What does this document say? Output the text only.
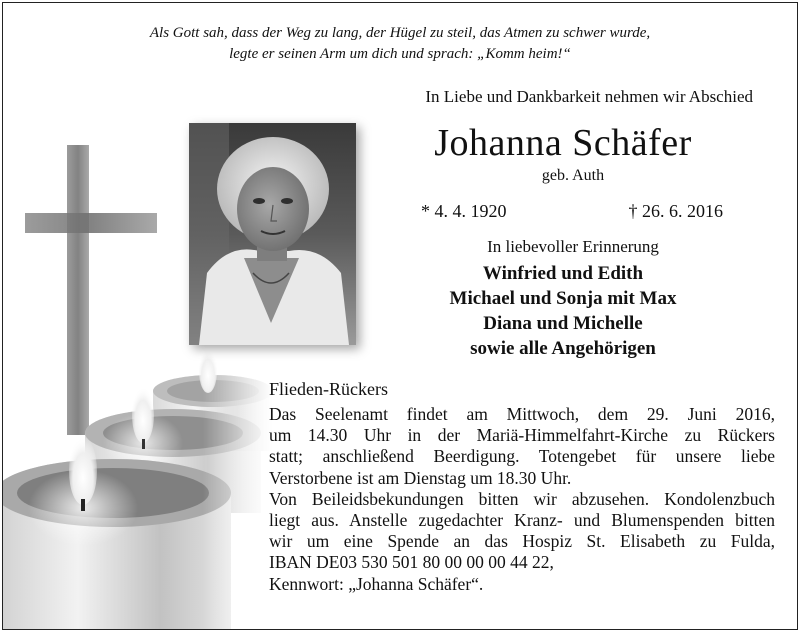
Als Gott sah, dass der Weg zu lang, der Hügel zu steil, das Atmen zu schwer wurde,
legte er seinen Arm um dich und sprach: „Komm heim!“
In Liebe und Dankbarkeit nehmen wir Abschied
Johanna Schäfer
geb. Auth
* 4. 4. 1920	† 26. 6. 2016
In liebevoller Erinnerung
Winfried und Edith
Michael und Sonja mit Max
Diana und Michelle
sowie alle Angehörigen
Flieden-Rückers
Das Seelenamt findet am Mittwoch, dem 29. Juni 2016,
um 14.30 Uhr in der Mariä-Himmelfahrt-Kirche zu Rückers
statt; anschließend Beerdigung. Totengebet für unsere liebe
Verstorbene ist am Dienstag um 18.30 Uhr.
Von Beileidsbekundungen bitten wir abzusehen. Kondolenzbuch
liegt aus. Anstelle zugedachter Kranz- und Blumenspenden bitten
wir um eine Spende an das Hospiz St. Elisabeth zu Fulda,
IBAN DE03 530 501 80 00 00 00 44 22,
Kennwort: „Johanna Schäfer“.
